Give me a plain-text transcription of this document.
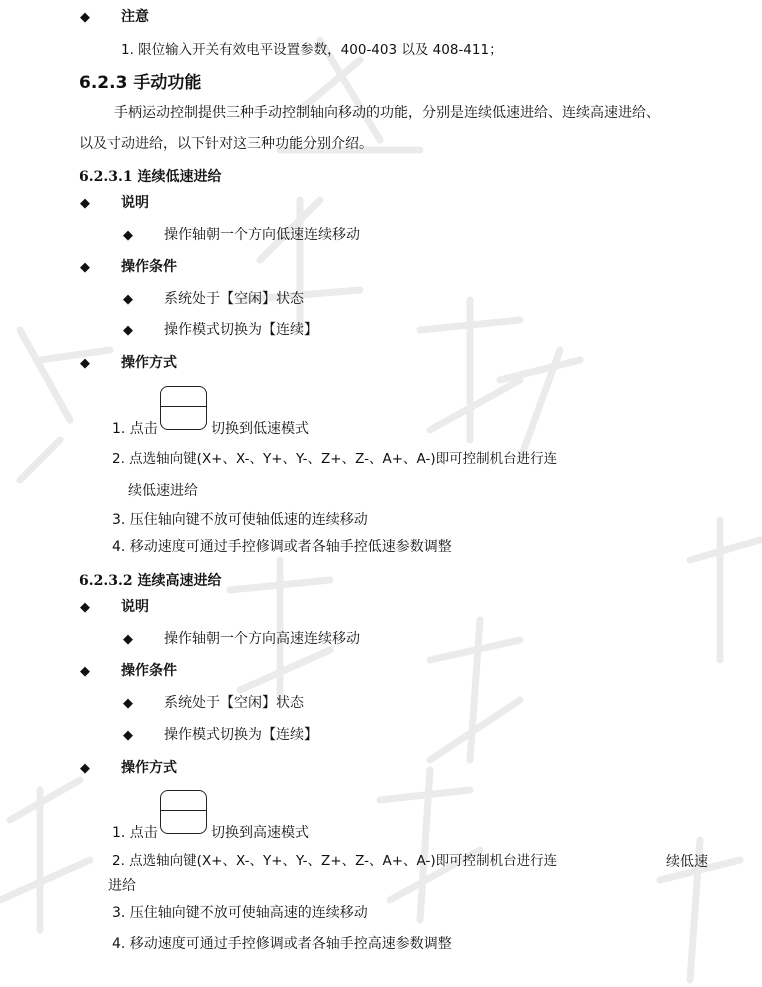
◆ 注意
1. 限位输入开关有效电平设置参数，400-403 以及 408-411；
6.2.3 手动功能
手柄运动控制提供三种手动控制轴向移动的功能，分别是连续低速进给、连续高速进给、
以及寸动进给，以下针对这三种功能分别介绍。
6.2.3.1 连续低速进给
◆ 说明
◆ 操作轴朝一个方向低速连续移动
◆ 操作条件
◆ 系统处于【空闲】状态
◆ 操作模式切换为【连续】
◆ 操作方式
1. 点击	切换到低速模式
2. 点选轴向键(X+、X-、Y+、Y-、Z+、Z-、A+、A-)即可控制机台进行连
续低速进给
3. 压住轴向键不放可使轴低速的连续移动
4. 移动速度可通过手控修调或者各轴手控低速参数调整
6.2.3.2 连续高速进给
◆ 说明
◆ 操作轴朝一个方向高速连续移动
◆ 操作条件
◆ 系统处于【空闲】状态
◆ 操作模式切换为【连续】
◆ 操作方式
1. 点击	切换到高速模式
2. 点选轴向键(X+、X-、Y+、Y-、Z+、Z-、A+、A-)即可控制机台进行连	续低速
进给
3. 压住轴向键不放可使轴高速的连续移动
4. 移动速度可通过手控修调或者各轴手控高速参数调整
